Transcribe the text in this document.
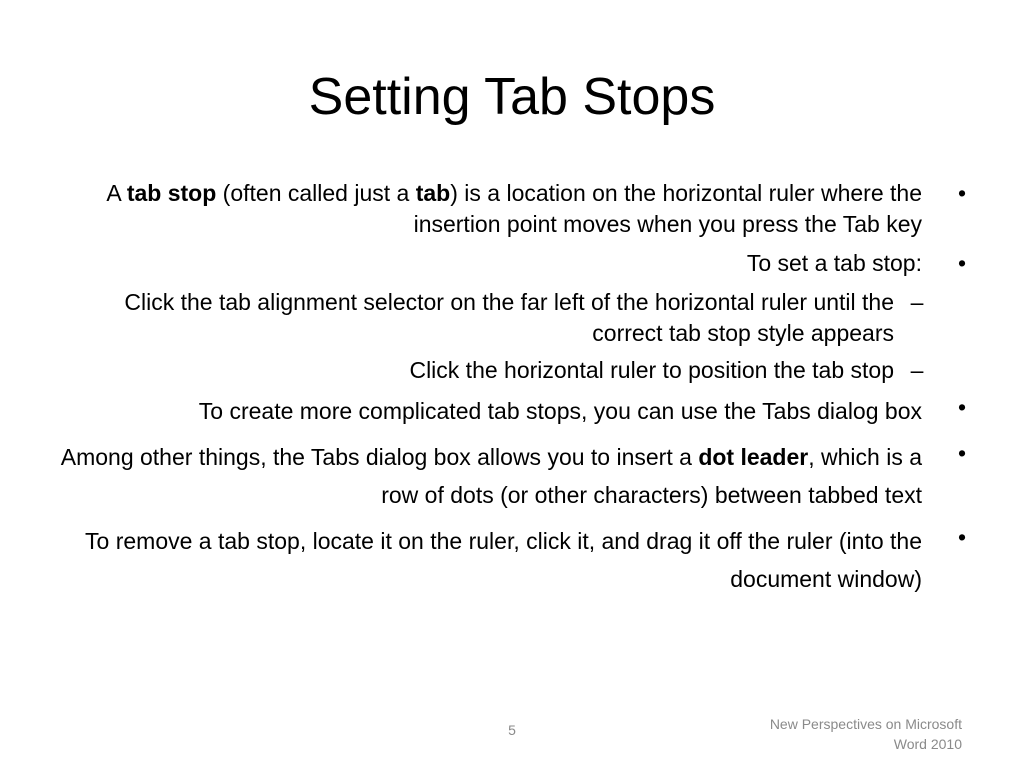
Setting Tab Stops
A tab stop (often called just a tab) is a location on the horizontal ruler where the insertion point moves when you press the Tab key
•
To set a tab stop:	•
Click the tab alignment selector on the far left of the horizontal ruler until the correct tab stop style appears
–
Click the horizontal ruler to position the tab stop –
To create more complicated tab stops, you can use the Tabs dialog box	•
Among other things, the Tabs dialog box allows you to insert a dot leader, which is a row of dots (or other characters) between tabbed text
•
To remove a tab stop, locate it on the ruler, click it, and drag it off the ruler (into the document window)
•
5	New Perspectives on Microsoft
Word 2010
